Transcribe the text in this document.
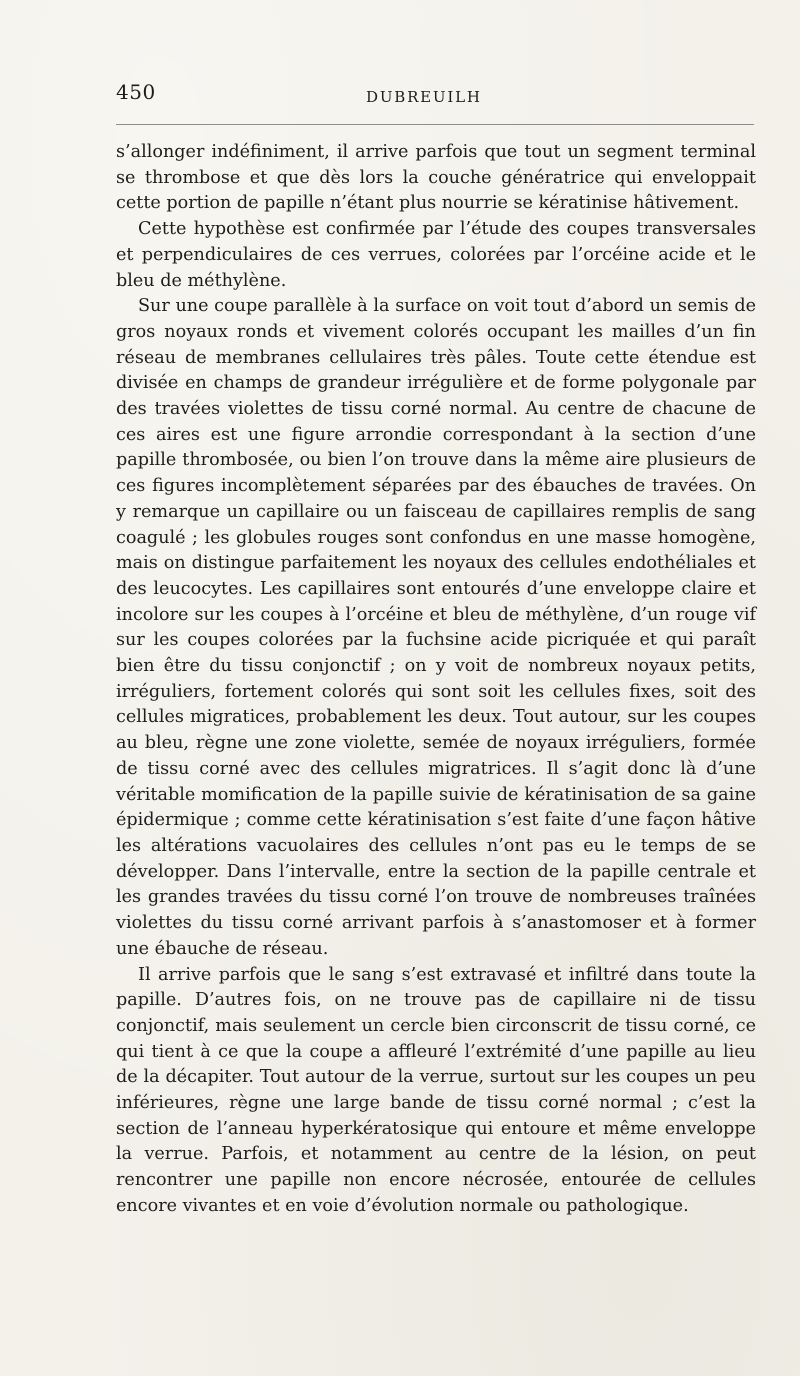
450	DUBREUILH

s’allonger indéfiniment, il arrive parfois que tout un segment terminal se thrombose et que dès lors la couche génératrice qui enveloppait cette portion de papille n’étant plus nourrie se kératinise hâtivement.

Cette hypothèse est confirmée par l’étude des coupes transversales et perpendiculaires de ces verrues, colorées par l’orcéine acide et le bleu de méthylène.

Sur une coupe parallèle à la surface on voit tout d’abord un semis de gros noyaux ronds et vivement colorés occupant les mailles d’un fin réseau de membranes cellulaires très pâles. Toute cette étendue est divisée en champs de grandeur irrégulière et de forme polygonale par des travées violettes de tissu corné normal. Au centre de chacune de ces aires est une figure arrondie correspondant à la section d’une papille thrombosée, ou bien l’on trouve dans la même aire plusieurs de ces figures incomplètement séparées par des ébauches de travées. On y remarque un capillaire ou un faisceau de capillaires remplis de sang coagulé ; les globules rouges sont confondus en une masse homogène, mais on distingue parfaitement les noyaux des cellules endothéliales et des leucocytes. Les capillaires sont entourés d’une enveloppe claire et incolore sur les coupes à l’orcéine et bleu de méthylène, d’un rouge vif sur les coupes colorées par la fuchsine acide picriquée et qui paraît bien être du tissu conjonctif ; on y voit de nombreux noyaux petits, irréguliers, fortement colorés qui sont soit les cellules fixes, soit des cellules migratices, probablement les deux. Tout autour, sur les coupes au bleu, règne une zone violette, semée de noyaux irréguliers, formée de tissu corné avec des cellules migratrices. Il s’agit donc là d’une véritable momification de la papille suivie de kératinisation de sa gaine épidermique ; comme cette kératinisation s’est faite d’une façon hâtive les altérations vacuolaires des cellules n’ont pas eu le temps de se développer. Dans l’intervalle, entre la section de la papille centrale et les grandes travées du tissu corné l’on trouve de nombreuses traînées violettes du tissu corné arrivant parfois à s’anastomoser et à former une ébauche de réseau.

Il arrive parfois que le sang s’est extravasé et infiltré dans toute la papille. D’autres fois, on ne trouve pas de capillaire ni de tissu conjonctif, mais seulement un cercle bien circonscrit de tissu corné, ce qui tient à ce que la coupe a affleuré l’extrémité d’une papille au lieu de la décapiter. Tout autour de la verrue, surtout sur les coupes un peu inférieures, règne une large bande de tissu corné normal ; c’est la section de l’anneau hyperkératosique qui entoure et même enveloppe la verrue. Parfois, et notamment au centre de la lésion, on peut rencontrer une papille non encore nécrosée, entourée de cellules encore vivantes et en voie d’évolution normale ou pathologique.
